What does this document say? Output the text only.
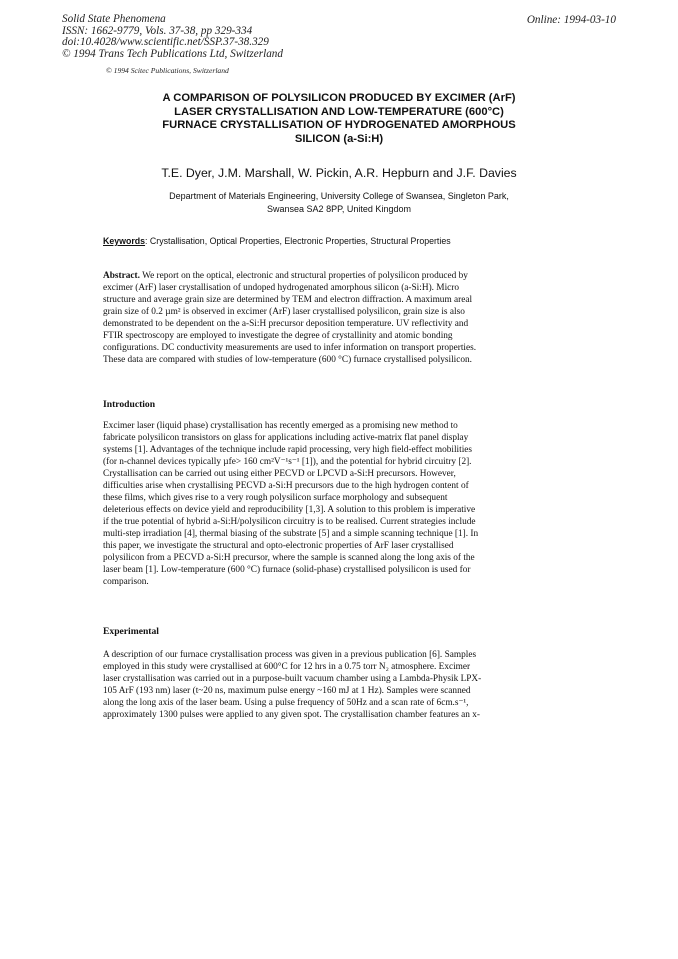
Solid State Phenomena
ISSN: 1662-9779, Vols. 37-38, pp 329-334
doi:10.4028/www.scientific.net/SSP.37-38.329
© 1994 Trans Tech Publications Ltd, Switzerland
Online: 1994-03-10
© 1994 Scitec Publications, Switzerland
A COMPARISON OF POLYSILICON PRODUCED BY EXCIMER (ArF)
LASER CRYSTALLISATION AND LOW-TEMPERATURE (600°C)
FURNACE CRYSTALLISATION OF HYDROGENATED AMORPHOUS
SILICON (a-Si:H)
T.E. Dyer, J.M. Marshall, W. Pickin, A.R. Hepburn and J.F. Davies
Department of Materials Engineering, University College of Swansea, Singleton Park,
Swansea SA2 8PP, United Kingdom
Keywords: Crystallisation, Optical Properties, Electronic Properties, Structural Properties
Abstract. We report on the optical, electronic and structural properties of polysilicon produced by
excimer (ArF) laser crystallisation of undoped hydrogenated amorphous silicon (a-Si:H). Micro
structure and average grain size are determined by TEM and electron diffraction. A maximum areal
grain size of 0.2 µm² is observed in excimer (ArF) laser crystallised polysilicon, grain size is also
demonstrated to be dependent on the a-Si:H precursor deposition temperature. UV reflectivity and
FTIR spectroscopy are employed to investigate the degree of crystallinity and atomic bonding
configurations. DC conductivity measurements are used to infer information on transport properties.
These data are compared with studies of low-temperature (600 °C) furnace crystallised polysilicon.
Introduction
Excimer laser (liquid phase) crystallisation has recently emerged as a promising new method to
fabricate polysilicon transistors on glass for applications including active-matrix flat panel display
systems [1]. Advantages of the technique include rapid processing, very high field-effect mobilities
(for n-channel devices typically µfe> 160 cm²V⁻¹s⁻¹ [1]), and the potential for hybrid circuitry [2].
Crystallisation can be carried out using either PECVD or LPCVD a-Si:H precursors. However,
difficulties arise when crystallising PECVD a-Si:H precursors due to the high hydrogen content of
these films, which gives rise to a very rough polysilicon surface morphology and subsequent
deleterious effects on device yield and reproducibility [1,3]. A solution to this problem is imperative
if the true potential of hybrid a-Si:H/polysilicon circuitry is to be realised. Current strategies include
multi-step irradiation [4], thermal biasing of the substrate [5] and a simple scanning technique [1]. In
this paper, we investigate the structural and opto-electronic properties of ArF laser crystallised
polysilicon from a PECVD a-Si:H precursor, where the sample is scanned along the long axis of the
laser beam [1]. Low-temperature (600 °C) furnace (solid-phase) crystallised polysilicon is used for
comparison.
Experimental
A description of our furnace crystallisation process was given in a previous publication [6]. Samples
employed in this study were crystallised at 600°C for 12 hrs in a 0.75 torr N₂ atmosphere. Excimer
laser crystallisation was carried out in a purpose-built vacuum chamber using a Lambda-Physik LPX-
105 ArF (193 nm) laser (t~20 ns, maximum pulse energy ~160 mJ at 1 Hz). Samples were scanned
along the long axis of the laser beam. Using a pulse frequency of 50Hz and a scan rate of 6cm.s⁻¹,
approximately 1300 pulses were applied to any given spot. The crystallisation chamber features an x-
